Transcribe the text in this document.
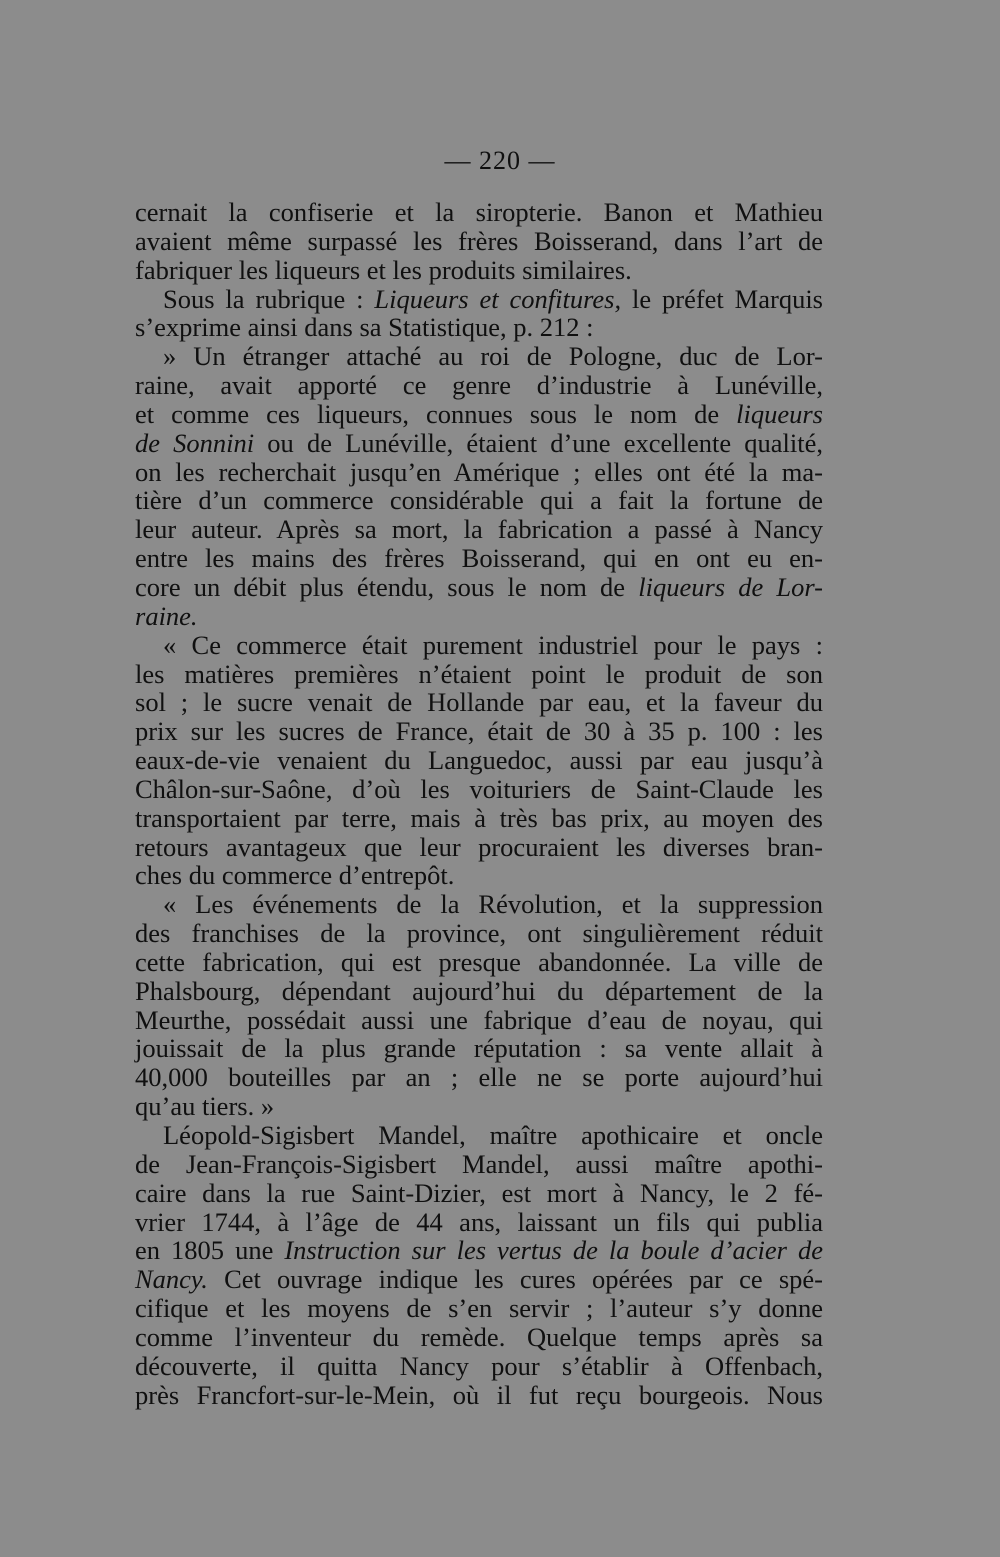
— 220 —
cernait la confiserie et la siropterie. Banon et Mathieu
avaient même surpassé les frères Boisserand, dans l’art de
fabriquer les liqueurs et les produits similaires.
Sous la rubrique : Liqueurs et confitures, le préfet Marquis
s’exprime ainsi dans sa Statistique, p. 212 :
» Un étranger attaché au roi de Pologne, duc de Lor-
raine, avait apporté ce genre d’industrie à Lunéville,
et comme ces liqueurs, connues sous le nom de liqueurs
de Sonnini ou de Lunéville, étaient d’une excellente qualité,
on les recherchait jusqu’en Amérique ; elles ont été la ma-
tière d’un commerce considérable qui a fait la fortune de
leur auteur. Après sa mort, la fabrication a passé à Nancy
entre les mains des frères Boisserand, qui en ont eu en-
core un débit plus étendu, sous le nom de liqueurs de Lor-
raine.
« Ce commerce était purement industriel pour le pays :
les matières premières n’étaient point le produit de son
sol ; le sucre venait de Hollande par eau, et la faveur du
prix sur les sucres de France, était de 30 à 35 p. 100 : les
eaux-de-vie venaient du Languedoc, aussi par eau jusqu’à
Châlon-sur-Saône, d’où les voituriers de Saint-Claude les
transportaient par terre, mais à très bas prix, au moyen des
retours avantageux que leur procuraient les diverses bran-
ches du commerce d’entrepôt.
« Les événements de la Révolution, et la suppression
des franchises de la province, ont singulièrement réduit
cette fabrication, qui est presque abandonnée. La ville de
Phalsbourg, dépendant aujourd’hui du département de la
Meurthe, possédait aussi une fabrique d’eau de noyau, qui
jouissait de la plus grande réputation : sa vente allait à
40,000 bouteilles par an ; elle ne se porte aujourd’hui
qu’au tiers. »
Léopold-Sigisbert Mandel, maître apothicaire et oncle
de Jean-François-Sigisbert Mandel, aussi maître apothi-
caire dans la rue Saint-Dizier, est mort à Nancy, le 2 fé-
vrier 1744, à l’âge de 44 ans, laissant un fils qui publia
en 1805 une Instruction sur les vertus de la boule d’acier de
Nancy. Cet ouvrage indique les cures opérées par ce spé-
cifique et les moyens de s’en servir ; l’auteur s’y donne
comme l’inventeur du remède. Quelque temps après sa
découverte, il quitta Nancy pour s’établir à Offenbach,
près Francfort-sur-le-Mein, où il fut reçu bourgeois. Nous
